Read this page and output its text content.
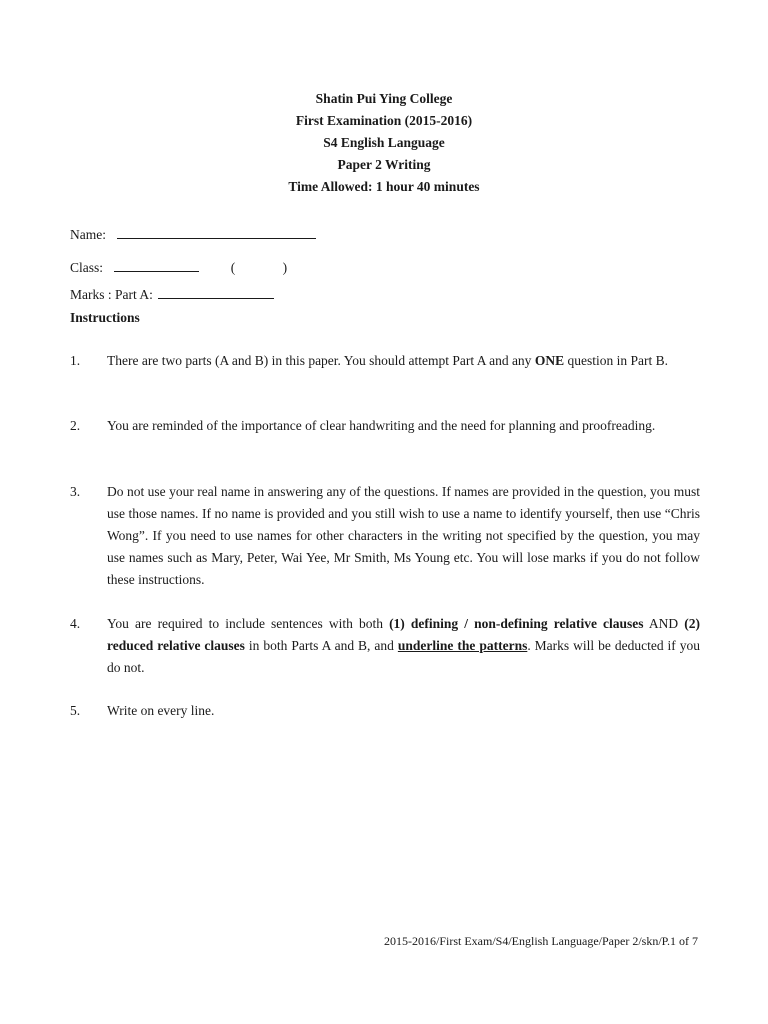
Shatin Pui Ying College
First Examination (2015-2016)
S4 English Language
Paper 2 Writing
Time Allowed: 1 hour 40 minutes
Name:
Class:	(	)
Marks : Part A:
Instructions
1.	There are two parts (A and B) in this paper. You should attempt Part A and any ONE question in Part B.
2.	You are reminded of the importance of clear handwriting and the need for planning and proofreading.
3.	Do not use your real name in answering any of the questions. If names are provided in the question, you must use those names. If no name is provided and you still wish to use a name to identify yourself, then use “Chris Wong”. If you need to use names for other characters in the writing not specified by the question, you may use names such as Mary, Peter, Wai Yee, Mr Smith, Ms Young etc. You will lose marks if you do not follow these instructions.
4.	You are required to include sentences with both (1) defining / non-defining relative clauses AND (2) reduced relative clauses in both Parts A and B, and underline the patterns. Marks will be deducted if you do not.
5.	Write on every line.
2015-2016/First Exam/S4/English Language/Paper 2/skn/P.1 of 7
